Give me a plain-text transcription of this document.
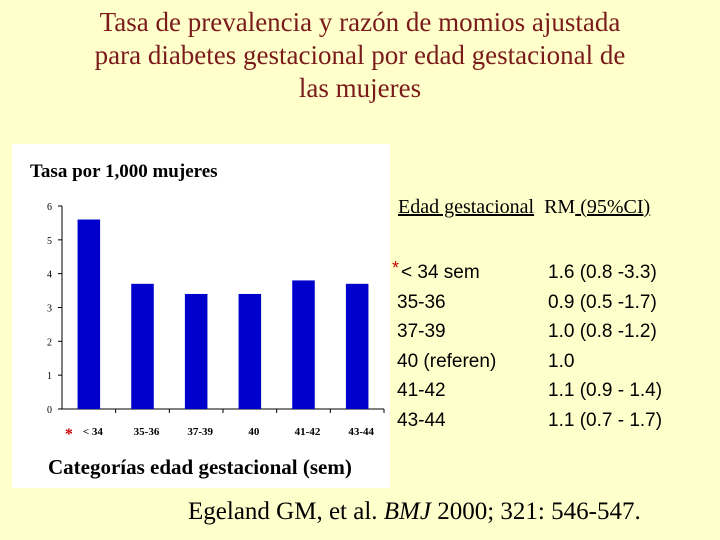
Tasa de prevalencia y razón de momios ajustada
para diabetes gestacional por edad gestacional de
las mujeres
Tasa por 1,000 mujeres
0
1
2
3
4
5
6
< 34
*	35-36	37-39	40	41-42	43-44
Categorías edad gestacional (sem)
Edad gestacional RM (95%CI)
* < 34 sem	1.6 (0.8 -3.3)
35-36	0.9 (0.5 -1.7)
37-39	1.0 (0.8 -1.2)
40 (referen)	1.0
41-42	1.1 (0.9 - 1.4)
43-44	1.1 (0.7 - 1.7)
Egeland GM, et al. BMJ 2000; 321: 546-547.
